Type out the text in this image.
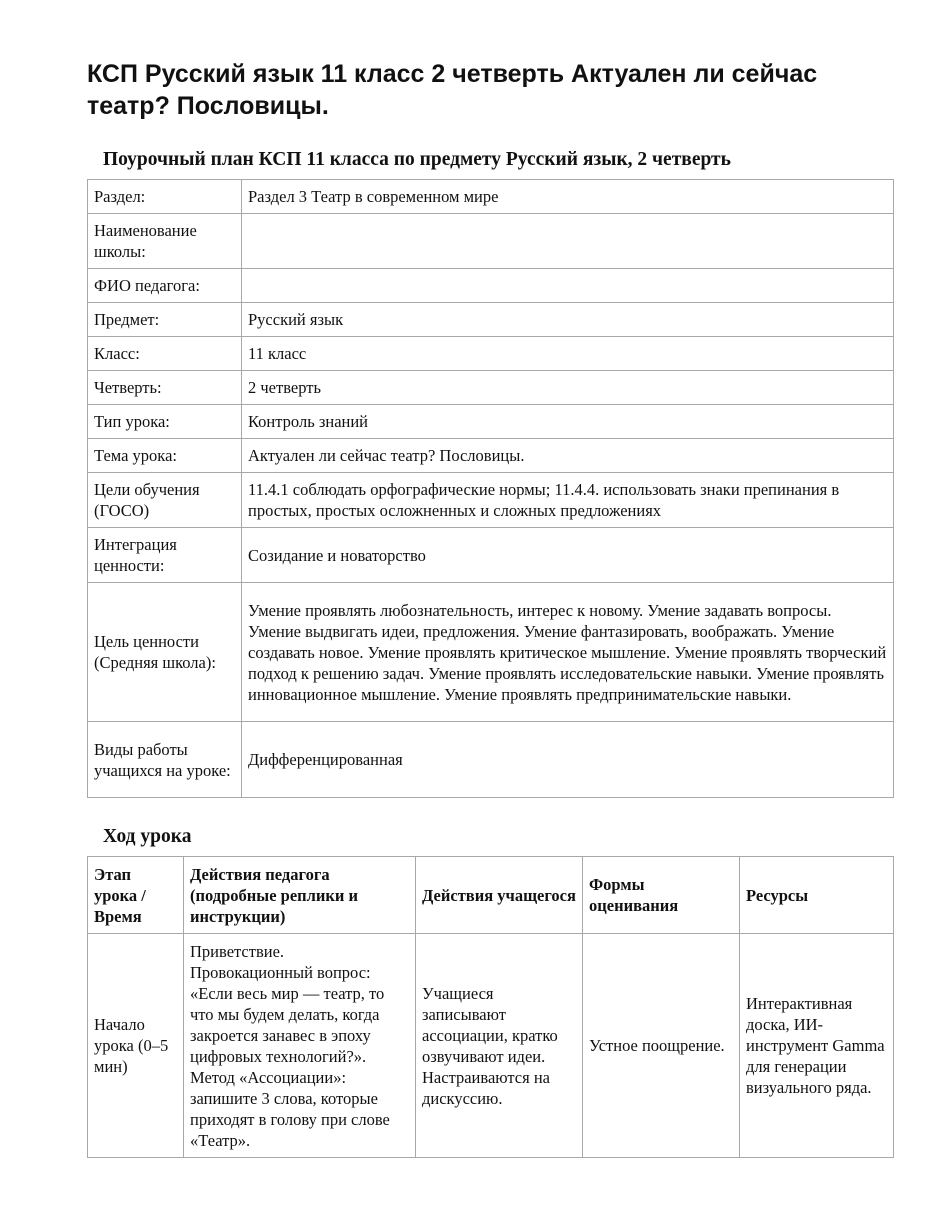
КСП Русский язык 11 класс 2 четверть Актуален ли сейчас театр? Пословицы.
Поурочный план КСП 11 класса по предмету Русский язык, 2 четверть
Раздел:	Раздел 3 Театр в современном мире
Наименование школы:	
ФИО педагога:	
Предмет:	Русский язык
Класс:	11 класс
Четверть:	2 четверть
Тип урока:	Контроль знаний
Тема урока:	Актуален ли сейчас театр? Пословицы.
Цели обучения (ГОСО)	11.4.1 соблюдать орфографические нормы; 11.4.4. использовать знаки препинания в простых, простых осложненных и сложных предложениях
Интеграция ценности:	Созидание и новаторство
Цель ценности (Средняя школа):	Умение проявлять любознательность, интерес к новому. Умение задавать вопросы. Умение выдвигать идеи, предложения. Умение фантазировать, воображать. Умение создавать новое. Умение проявлять критическое мышление. Умение проявлять творческий подход к решению задач. Умение проявлять исследовательские навыки. Умение проявлять инновационное мышление. Умение проявлять предпринимательские навыки.
Виды работы учащихся на уроке:	Дифференцированная
Ход урока
Этап урока / Время	Действия педагога (подробные реплики и инструкции)	Действия учащегося	Формы оценивания	Ресурсы
Начало урока (0–5 мин)	Приветствие. Провокационный вопрос: «Если весь мир — театр, то что мы будем делать, когда закроется занавес в эпоху цифровых технологий?». Метод «Ассоциации»: запишите 3 слова, которые приходят в голову при слове «Театр».	Учащиеся записывают ассоциации, кратко озвучивают идеи. Настраиваются на дискуссию.	Устное поощрение.	Интерактивная доска, ИИ-инструмент Gamma для генерации визуального ряда.
